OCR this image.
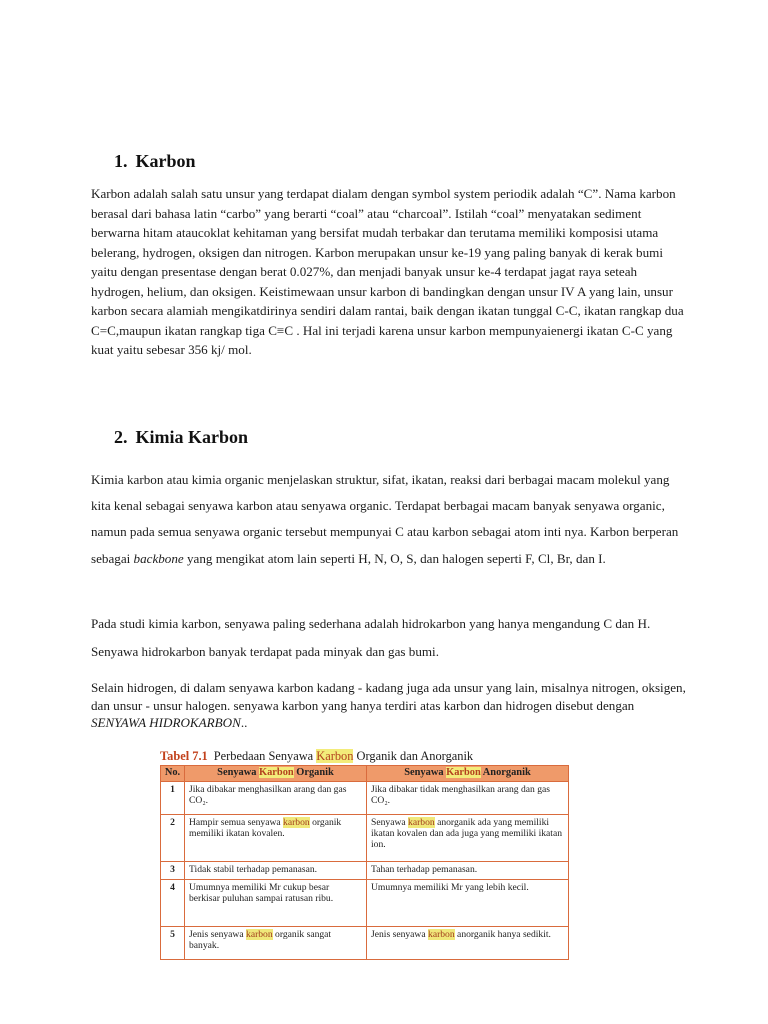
1. Karbon

Karbon adalah salah satu unsur yang terdapat dialam dengan symbol system periodik adalah “C”. Nama karbon berasal dari bahasa latin “carbo” yang berarti “coal” atau “charcoal”. Istilah “coal” menyatakan sediment berwarna hitam ataucoklat kehitaman yang bersifat mudah terbakar dan terutama memiliki komposisi utama belerang, hydrogen, oksigen dan nitrogen. Karbon merupakan unsur ke-19 yang paling banyak di kerak bumi yaitu dengan presentase dengan berat 0.027%, dan menjadi banyak unsur ke-4 terdapat jagat raya seteah hydrogen, helium, dan oksigen. Keistimewaan unsur karbon di bandingkan dengan unsur IV A yang lain, unsur karbon secara alamiah mengikatdirinya sendiri dalam rantai, baik dengan ikatan tunggal C-C, ikatan rangkap dua C=C,maupun ikatan rangkap tiga C≡C . Hal ini terjadi karena unsur karbon mempunyaienergi ikatan C-C yang kuat yaitu sebesar 356 kj/ mol.

2. Kimia Karbon

Kimia karbon atau kimia organic menjelaskan struktur, sifat, ikatan, reaksi dari berbagai macam molekul yang kita kenal sebagai senyawa karbon atau senyawa organic. Terdapat berbagai macam banyak senyawa organic, namun pada semua senyawa organic tersebut mempunyai C atau karbon sebagai atom inti nya. Karbon berperan sebagai backbone yang mengikat atom lain seperti H, N, O, S, dan halogen seperti F, Cl, Br, dan I.

Pada studi kimia karbon, senyawa paling sederhana adalah hidrokarbon yang hanya mengandung C dan H. Senyawa hidrokarbon banyak terdapat pada minyak dan gas bumi.

Selain hidrogen, di dalam senyawa karbon kadang - kadang juga ada unsur yang lain, misalnya nitrogen, oksigen, dan unsur - unsur halogen. senyawa karbon yang hanya terdiri atas karbon dan hidrogen disebut dengan SENYAWA HIDROKARBON..

Tabel 7.1 Perbedaan Senyawa Karbon Organik dan Anorganik
No.	Senyawa Karbon Organik	Senyawa Karbon Anorganik
1	Jika dibakar menghasilkan arang dan gas CO₂.	Jika dibakar tidak menghasilkan arang dan gas CO₂.
2	Hampir semua senyawa karbon organik memiliki ikatan kovalen.	Senyawa karbon anorganik ada yang memiliki ikatan kovalen dan ada juga yang memiliki ikatan ion.
3	Tidak stabil terhadap pemanasan.	Tahan terhadap pemanasan.
4	Umumnya memiliki Mr cukup besar berkisar puluhan sampai ratusan ribu.	Umumnya memiliki Mr yang lebih kecil.
5	Jenis senyawa karbon organik sangat banyak.	Jenis senyawa karbon anorganik hanya sedikit.
